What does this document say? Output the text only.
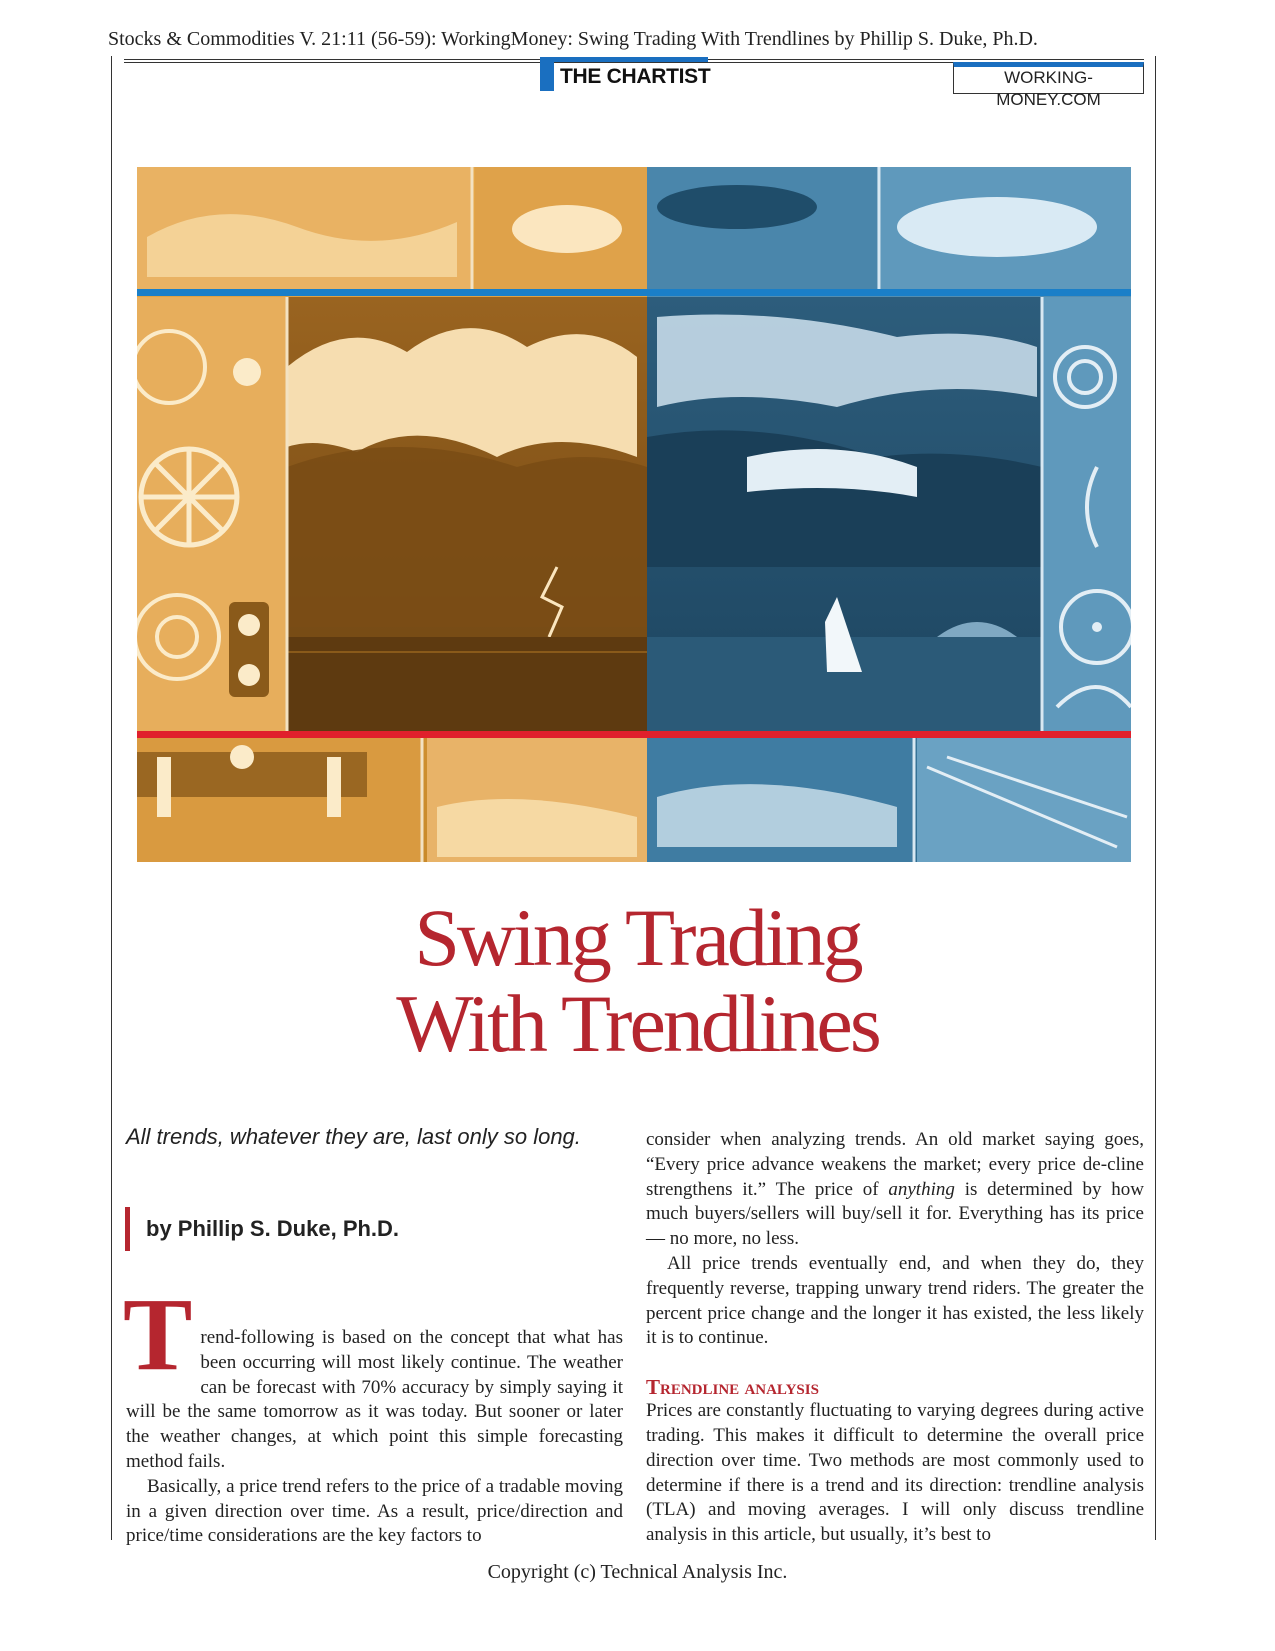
Stocks & Commodities V. 21:11 (56-59): WorkingMoney: Swing Trading With Trendlines by Phillip S. Duke, Ph.D.
THE CHARTIST	WORKING-MONEY.COM
Swing Trading
With Trendlines
All trends, whatever they are, last only so long.
by Phillip S. Duke, Ph.D.

Trend-following is based on the concept that what has been occurring will most likely continue. The weather can be forecast with 70% accuracy by simply saying it will be the same tomorrow as it was today. But sooner or later the weather changes, at which point this simple forecasting method fails.

Basically, a price trend refers to the price of a tradable moving in a given direction over time. As a result, price/direction and price/time considerations are the key factors to

consider when analyzing trends. An old market saying goes, “Every price advance weakens the market; every price de-cline strengthens it.” The price of anything is determined by how much buyers/sellers will buy/sell it for. Everything has its price — no more, no less.

All price trends eventually end, and when they do, they frequently reverse, trapping unwary trend riders. The greater the percent price change and the longer it has existed, the less likely it is to continue.

Trendline analysis

Prices are constantly fluctuating to varying degrees during active trading. This makes it difficult to determine the overall price direction over time. Two methods are most commonly used to determine if there is a trend and its direction: trendline analysis (TLA) and moving averages. I will only discuss trendline analysis in this article, but usually, it’s best to

Copyright (c) Technical Analysis Inc.
